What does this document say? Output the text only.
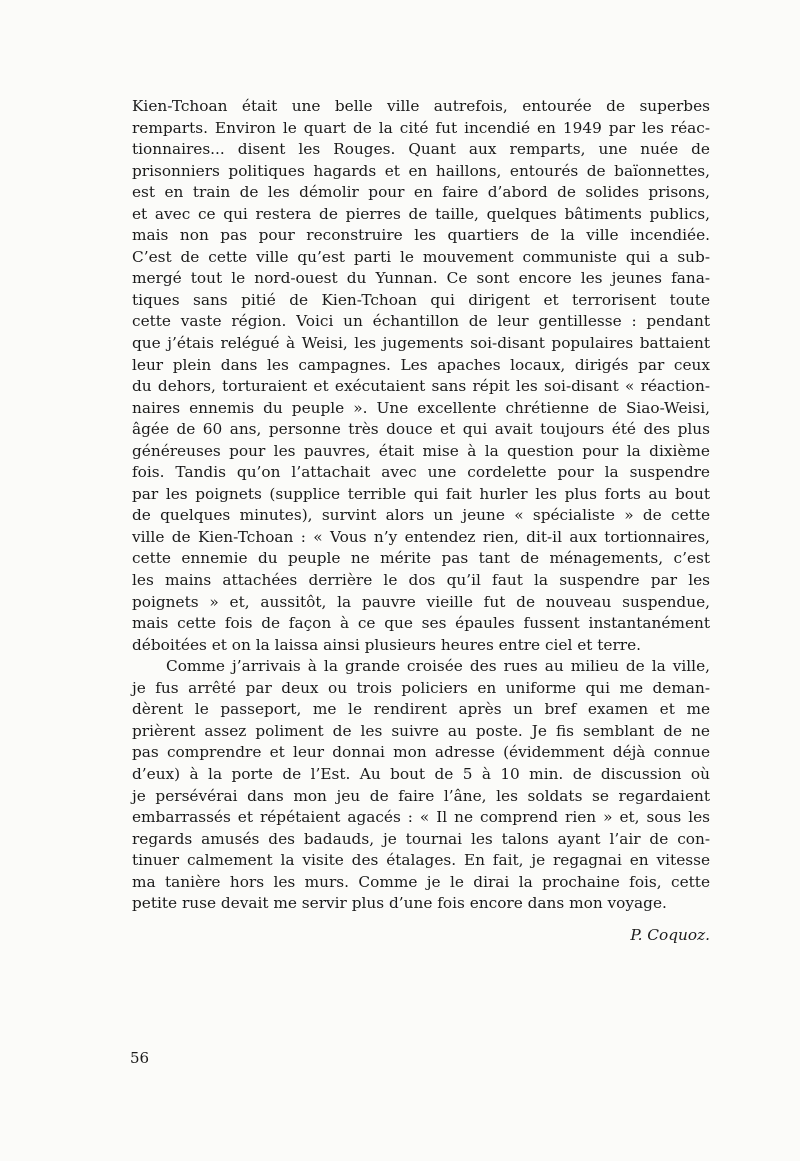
Kien-Tchoan était une belle ville autrefois, entourée de superbes
remparts. Environ le quart de la cité fut incendié en 1949 par les réac-
tionnaires... disent les Rouges. Quant aux remparts, une nuée de
prisonniers politiques hagards et en haillons, entourés de baïonnettes,
est en train de les démolir pour en faire d’abord de solides prisons,
et avec ce qui restera de pierres de taille, quelques bâtiments publics,
mais non pas pour reconstruire les quartiers de la ville incendiée.
C’est de cette ville qu’est parti le mouvement communiste qui a sub-
mergé tout le nord-ouest du Yunnan. Ce sont encore les jeunes fana-
tiques sans pitié de Kien-Tchoan qui dirigent et terrorisent toute
cette vaste région. Voici un échantillon de leur gentillesse : pendant
que j’étais relégué à Weisi, les jugements soi-disant populaires battaient
leur plein dans les campagnes. Les apaches locaux, dirigés par ceux
du dehors, torturaient et exécutaient sans répit les soi-disant « réaction-
naires ennemis du peuple ». Une excellente chrétienne de Siao-Weisi,
âgée de 60 ans, personne très douce et qui avait toujours été des plus
généreuses pour les pauvres, était mise à la question pour la dixième
fois. Tandis qu’on l’attachait avec une cordelette pour la suspendre
par les poignets (supplice terrible qui fait hurler les plus forts au bout
de quelques minutes), survint alors un jeune « spécialiste » de cette
ville de Kien-Tchoan : « Vous n’y entendez rien, dit-il aux tortionnaires,
cette ennemie du peuple ne mérite pas tant de ménagements, c’est
les mains attachées derrière le dos qu’il faut la suspendre par les
poignets » et, aussitôt, la pauvre vieille fut de nouveau suspendue,
mais cette fois de façon à ce que ses épaules fussent instantanément
déboitées et on la laissa ainsi plusieurs heures entre ciel et terre.

Comme j’arrivais à la grande croisée des rues au milieu de la ville,
je fus arrêté par deux ou trois policiers en uniforme qui me deman-
dèrent le passeport, me le rendirent après un bref examen et me
prièrent assez poliment de les suivre au poste. Je fis semblant de ne
pas comprendre et leur donnai mon adresse (évidemment déjà connue
d’eux) à la porte de l’Est. Au bout de 5 à 10 min. de discussion où
je persévérai dans mon jeu de faire l’âne, les soldats se regardaient
embarrassés et répétaient agacés : « Il ne comprend rien » et, sous les
regards amusés des badauds, je tournai les talons ayant l’air de con-
tinuer calmement la visite des étalages. En fait, je regagnai en vitesse
ma tanière hors les murs. Comme je le dirai la prochaine fois, cette
petite ruse devait me servir plus d’une fois encore dans mon voyage.

P. Coquoz.
56
